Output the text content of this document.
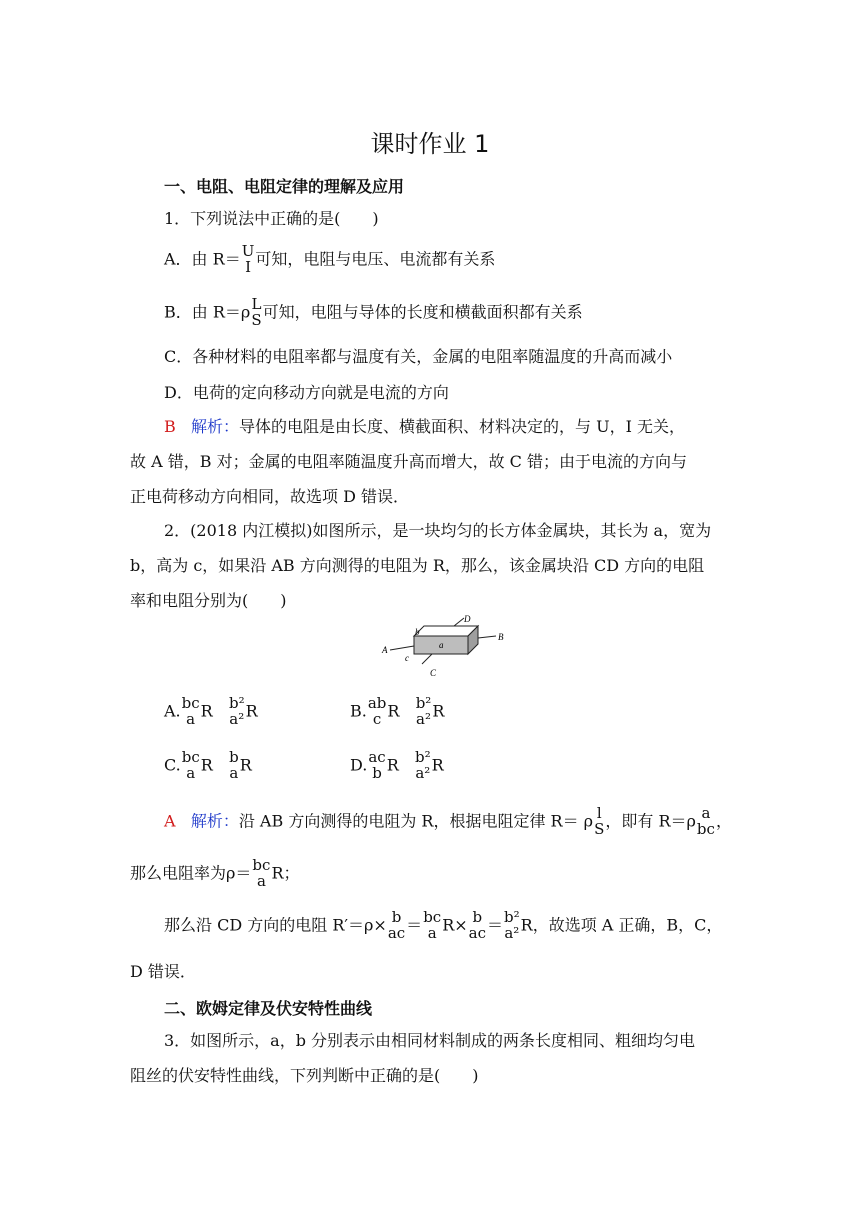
课时作业 1
一、电阻、电阻定律的理解及应用
1．下列说法中正确的是(　　)
A．由 R＝ U
I 可知，电阻与电压、电流都有关系
B．由 R＝ρ L
S 可知，电阻与导体的长度和横截面积都有关系
C．各种材料的电阻率都与温度有关，金属的电阻率随温度的升高而减小
D．电荷的定向移动方向就是电流的方向
B 解析：导体的电阻是由长度、横截面积、材料决定的，与 U，I 无关，
故 A 错，B 对；金属的电阻率随温度升高而增大，故 C 错；由于电流的方向与
正电荷移动方向相同，故选项 D 错误．
2．(2018 内江模拟)如图所示，是一块均匀的长方体金属块，其长为 a，宽为
b，高为 c，如果沿 AB 方向测得的电阻为 R，那么，该金属块沿 CD 方向的电阻
率和电阻分别为(　　)
A
B
C
D
a
b
c
A. bc
a R b²
a² R	B. ab
c R b²
a² R
C. bc
a R b
a R	D. ac
b R b²
a² R
A 解析：沿 AB 方向测得的电阻为 R，根据电阻定律 R＝ ρ l
S ，即有 R＝ρ a
bc ，
那么电阻率为ρ＝ bc
a R；
那么沿 CD 方向的电阻 R′＝ρ× b
ac ＝ bc
a R× b
ac ＝ b²
a² R，故选项 A 正确，B，C，
D 错误．
二、欧姆定律及伏安特性曲线
3．如图所示，a，b 分别表示由相同材料制成的两条长度相同、粗细均匀电
阻丝的伏安特性曲线，下列判断中正确的是(　　)
